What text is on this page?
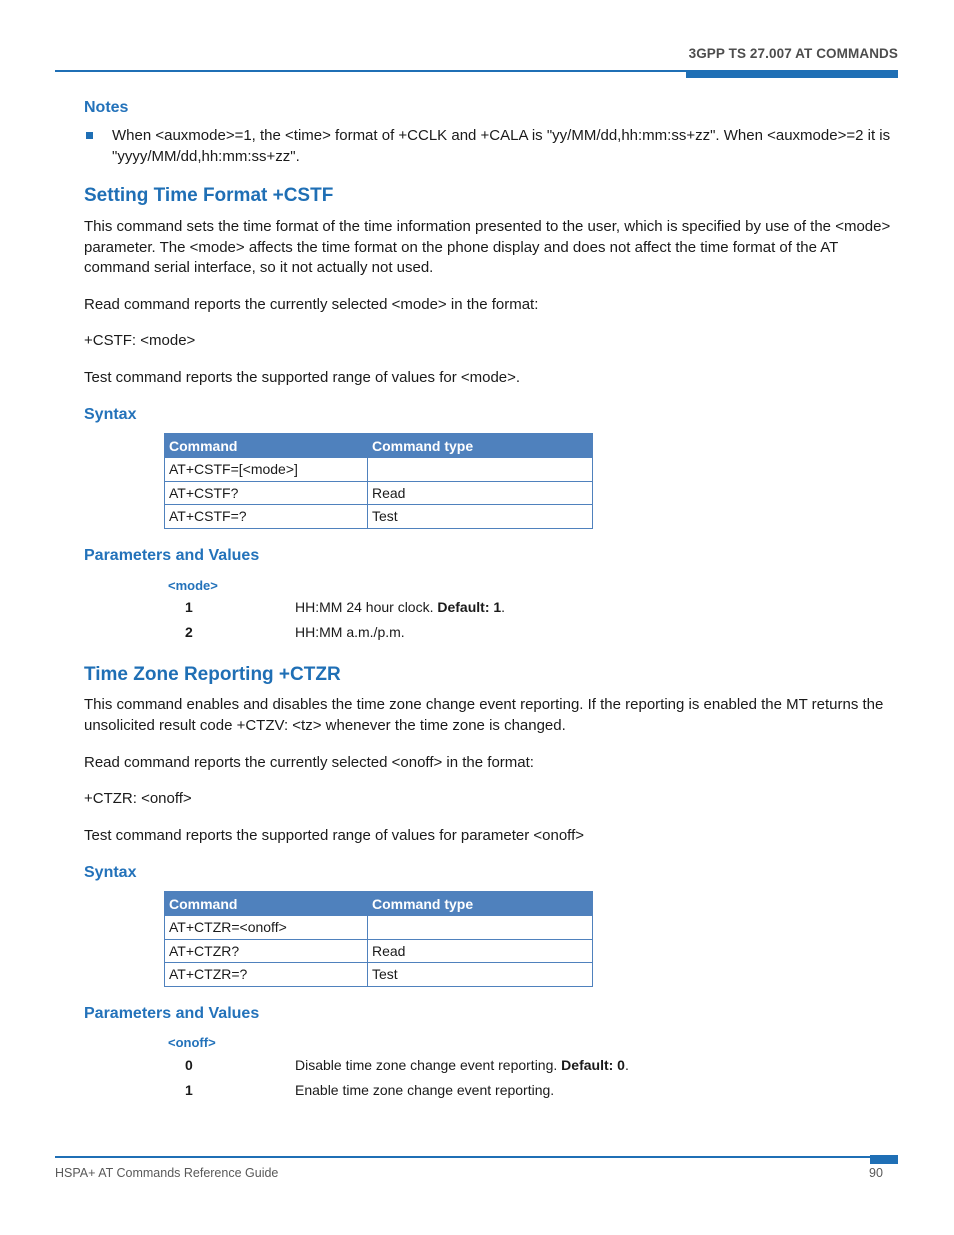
3GPP TS 27.007 AT COMMANDS
Notes
When <auxmode>=1, the <time> format of +CCLK and +CALA is "yy/MM/dd,hh:mm:ss+zz". When <auxmode>=2 it is "yyyy/MM/dd,hh:mm:ss+zz".
Setting Time Format +CSTF
This command sets the time format of the time information presented to the user, which is specified by use of the <mode> parameter. The <mode> affects the time format on the phone display and does not affect the time format of the AT command serial interface, so it not actually not used.
Read command reports the currently selected <mode> in the format:
+CSTF: <mode>
Test command reports the supported range of values for <mode>.
Syntax
Command	Command type
AT+CSTF=[<mode>]	
AT+CSTF?	Read
AT+CSTF=?	Test
Parameters and Values
<mode>
1	HH:MM 24 hour clock. Default: 1.
2	HH:MM a.m./p.m.
Time Zone Reporting +CTZR
This command enables and disables the time zone change event reporting. If the reporting is enabled the MT returns the unsolicited result code +CTZV: <tz> whenever the time zone is changed.
Read command reports the currently selected <onoff> in the format:
+CTZR: <onoff>
Test command reports the supported range of values for parameter <onoff>
Syntax
Command	Command type
AT+CTZR=<onoff>	
AT+CTZR?	Read
AT+CTZR=?	Test
Parameters and Values
<onoff>
0	Disable time zone change event reporting. Default: 0.
1	Enable time zone change event reporting.
HSPA+ AT Commands Reference Guide	90
